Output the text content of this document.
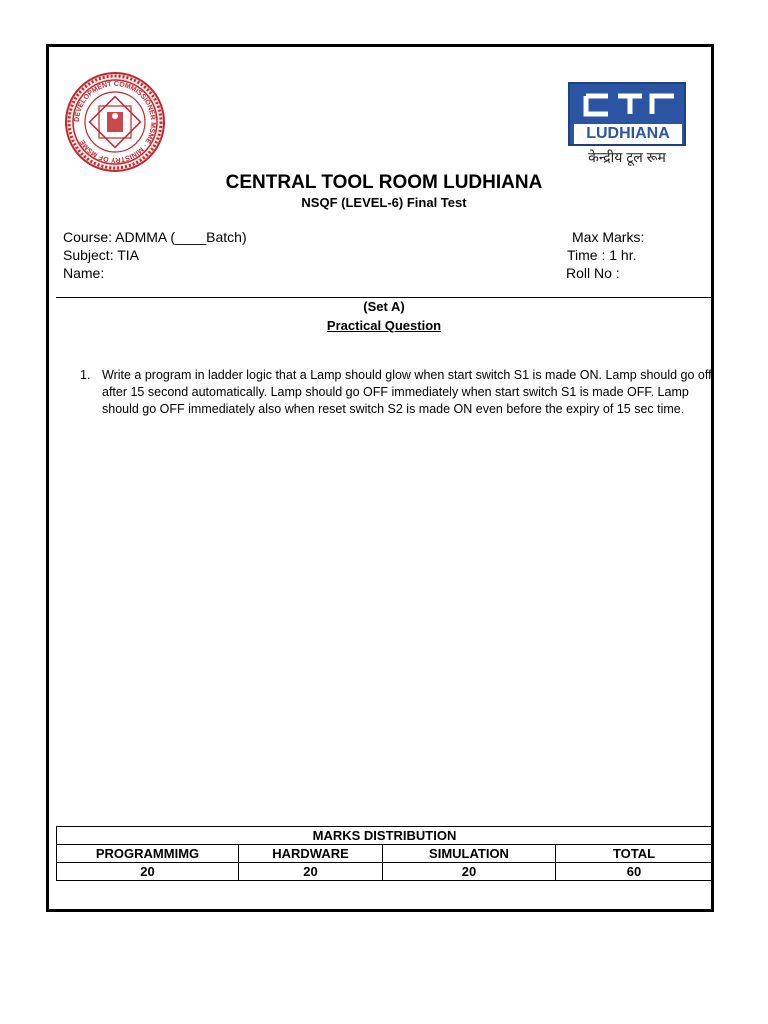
DEVELOPMENT COMMISSIONER MSME · MINISTRY OF MSME	LUDHIANA
केन्द्रीय टूल रूम
CENTRAL TOOL ROOM LUDHIANA
NSQF (LEVEL-6) Final Test
Course: ADMMA (____Batch)
Subject: TIA
Name:
Max Marks:
Time : 1 hr.
Roll No :
(Set A)
Practical Question
1. Write a program in ladder logic that a Lamp should glow when start switch S1 is made ON. Lamp should go off after 15 second automatically. Lamp should go OFF immediately when start switch S1 is made OFF. Lamp should go OFF immediately also when reset switch S2 is made ON even before the expiry of 15 sec time.
MARKS DISTRIBUTION			
PROGRAMMIMG	HARDWARE	SIMULATION	TOTAL
20	20	20	60
